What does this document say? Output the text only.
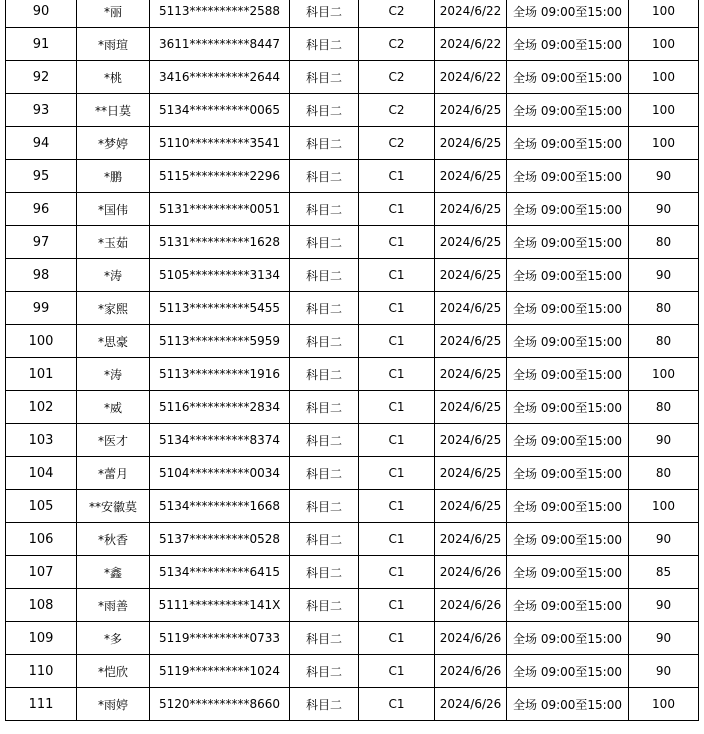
90	*丽	5113**********2588	科目二	C2	2024/6/22	全场 09:00至15:00	100
91	*雨瑄	3611**********8447	科目二	C2	2024/6/22	全场 09:00至15:00	100
92	*桃	3416**********2644	科目二	C2	2024/6/22	全场 09:00至15:00	100
93	**日莫	5134**********0065	科目二	C2	2024/6/25	全场 09:00至15:00	100
94	*梦婷	5110**********3541	科目二	C2	2024/6/25	全场 09:00至15:00	100
95	*鹏	5115**********2296	科目二	C1	2024/6/25	全场 09:00至15:00	90
96	*国伟	5131**********0051	科目二	C1	2024/6/25	全场 09:00至15:00	90
97	*玉茹	5131**********1628	科目二	C1	2024/6/25	全场 09:00至15:00	80
98	*涛	5105**********3134	科目二	C1	2024/6/25	全场 09:00至15:00	90
99	*家熙	5113**********5455	科目二	C1	2024/6/25	全场 09:00至15:00	80
100	*思豪	5113**********5959	科目二	C1	2024/6/25	全场 09:00至15:00	80
101	*涛	5113**********1916	科目二	C1	2024/6/25	全场 09:00至15:00	100
102	*威	5116**********2834	科目二	C1	2024/6/25	全场 09:00至15:00	80
103	*医才	5134**********8374	科目二	C1	2024/6/25	全场 09:00至15:00	90
104	*蕾月	5104**********0034	科目二	C1	2024/6/25	全场 09:00至15:00	80
105	**安徽莫	5134**********1668	科目二	C1	2024/6/25	全场 09:00至15:00	100
106	*秋香	5137**********0528	科目二	C1	2024/6/25	全场 09:00至15:00	90
107	*鑫	5134**********6415	科目二	C1	2024/6/26	全场 09:00至15:00	85
108	*雨善	5111**********141X	科目二	C1	2024/6/26	全场 09:00至15:00	90
109	*多	5119**********0733	科目二	C1	2024/6/26	全场 09:00至15:00	90
110	*恺欣	5119**********1024	科目二	C1	2024/6/26	全场 09:00至15:00	90
111	*雨婷	5120**********8660	科目二	C1	2024/6/26	全场 09:00至15:00	100
